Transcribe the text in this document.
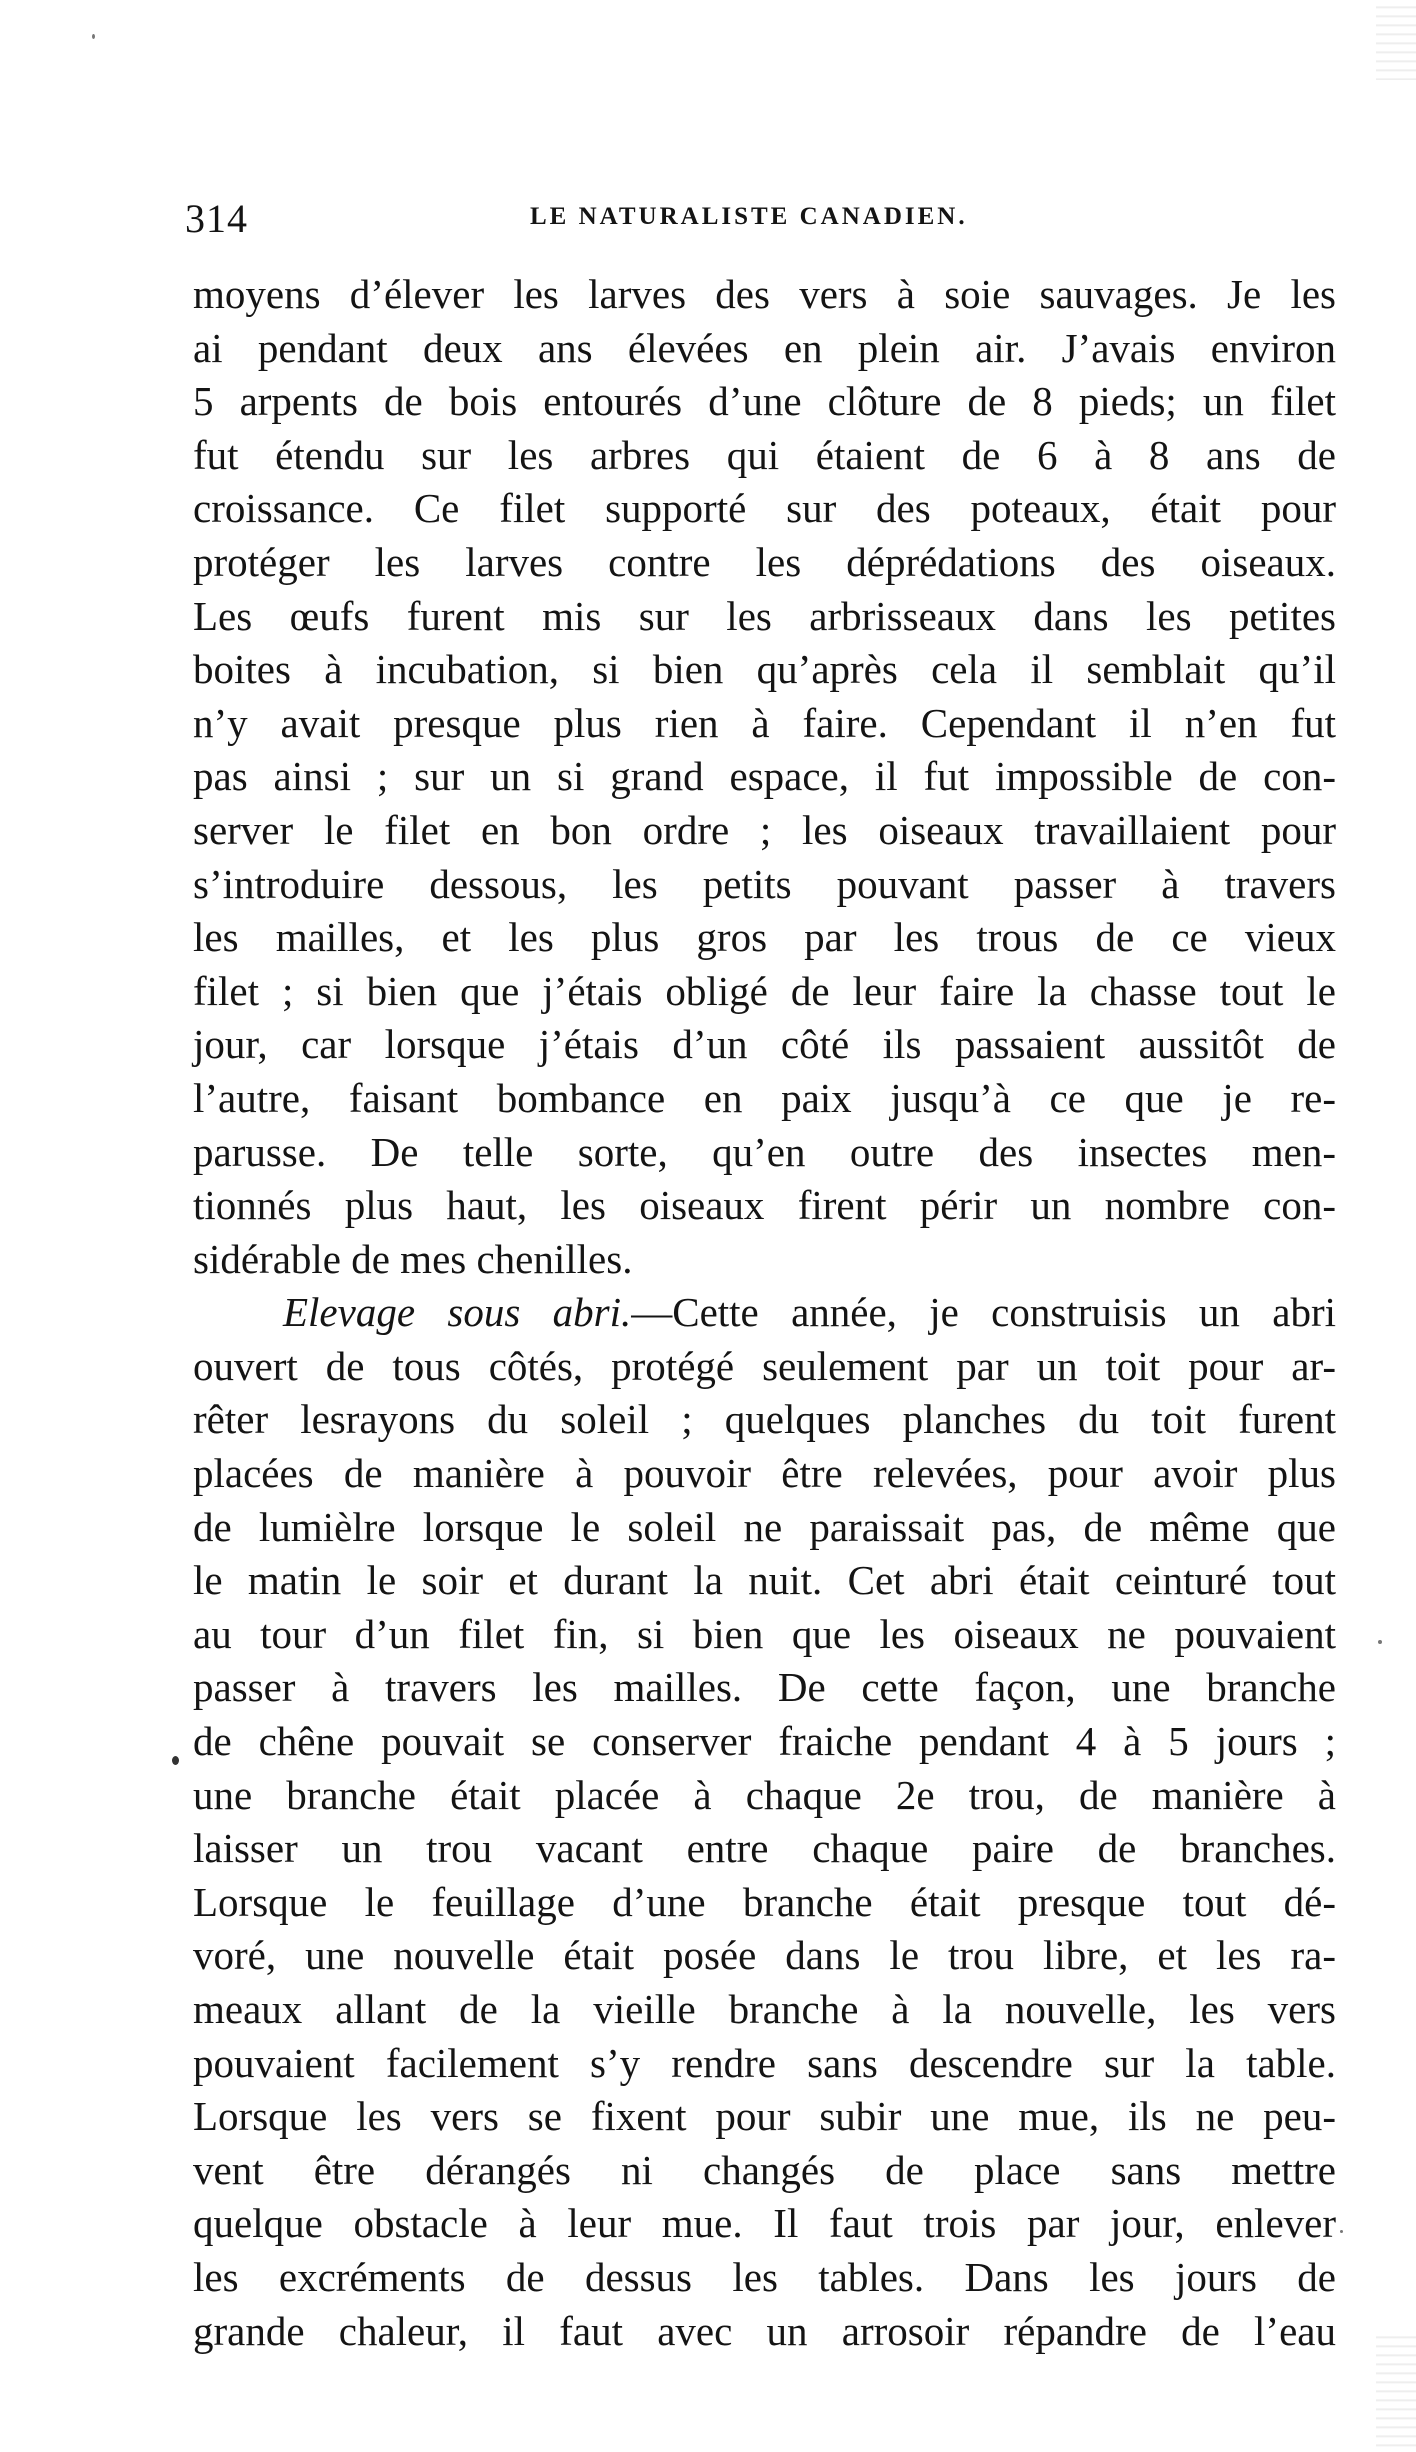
314	LE NATURALISTE CANADIEN.
moyens d’élever les larves des vers à soie sauvages. Je les
ai pendant deux ans élevées en plein air. J’avais environ
5 arpents de bois entourés d’une clôture de 8 pieds; un filet
fut étendu sur les arbres qui étaient de 6 à 8 ans de
croissance. Ce filet supporté sur des poteaux, était pour
protéger les larves contre les déprédations des oiseaux.
Les œufs furent mis sur les arbrisseaux dans les petites
boites à incubation, si bien qu’après cela il semblait qu’il
n’y avait presque plus rien à faire. Cependant il n’en fut
pas ainsi ; sur un si grand espace, il fut impossible de con-
server le filet en bon ordre ; les oiseaux travaillaient pour
s’introduire dessous, les petits pouvant passer à travers
les mailles, et les plus gros par les trous de ce vieux
filet ; si bien que j’étais obligé de leur faire la chasse tout le
jour, car lorsque j’étais d’un côté ils passaient aussitôt de
l’autre, faisant bombance en paix jusqu’à ce que je re-
parusse. De telle sorte, qu’en outre des insectes men-
tionnés plus haut, les oiseaux firent périr un nombre con-
sidérable de mes chenilles.
Elevage sous abri.—Cette année, je construisis un abri
ouvert de tous côtés, protégé seulement par un toit pour ar-
rêter lesrayons du soleil ; quelques planches du toit furent
placées de manière à pouvoir être relevées, pour avoir plus
de lumièlre lorsque le soleil ne paraissait pas, de même que
le matin le soir et durant la nuit. Cet abri était ceinturé tout
au tour d’un filet fin, si bien que les oiseaux ne pouvaient
passer à travers les mailles. De cette façon, une branche
de chêne pouvait se conserver fraiche pendant 4 à 5 jours ;
une branche était placée à chaque 2e trou, de manière à
laisser un trou vacant entre chaque paire de branches.
Lorsque le feuillage d’une branche était presque tout dé-
voré, une nouvelle était posée dans le trou libre, et les ra-
meaux allant de la vieille branche à la nouvelle, les vers
pouvaient facilement s’y rendre sans descendre sur la table.
Lorsque les vers se fixent pour subir une mue, ils ne peu-
vent être dérangés ni changés de place sans mettre
quelque obstacle à leur mue. Il faut trois par jour, enlever
les excréments de dessus les tables. Dans les jours de
grande chaleur, il faut avec un arrosoir répandre de l’eau
